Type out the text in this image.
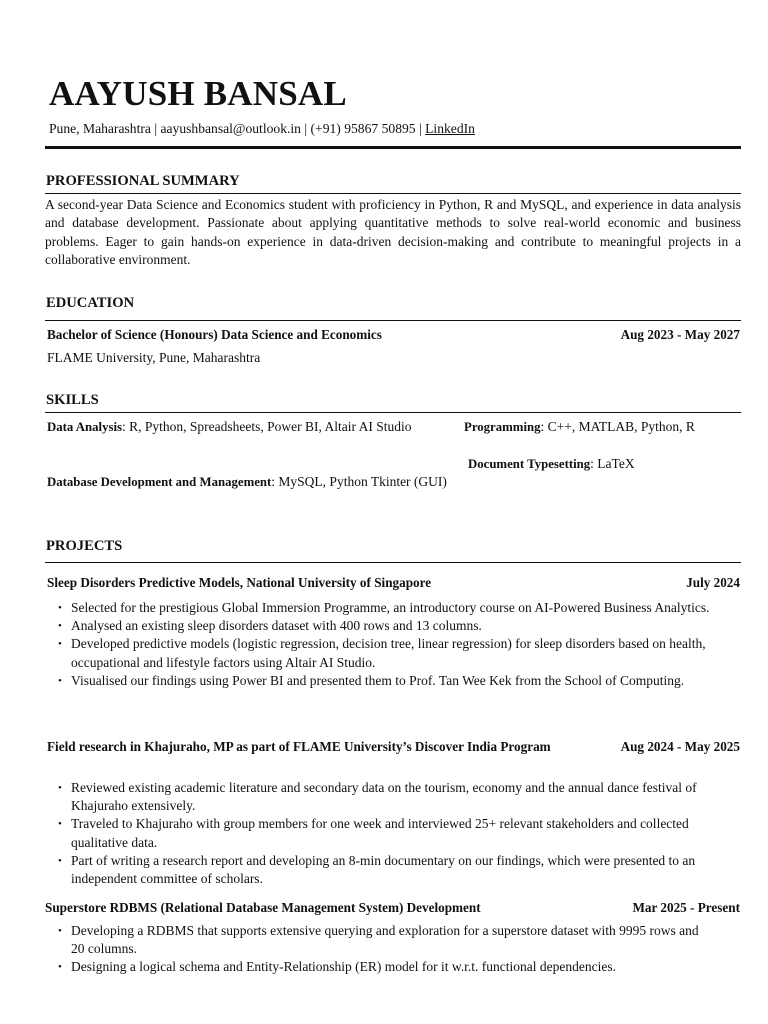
AAYUSH BANSAL
Pune, Maharashtra | aayushbansal@outlook.in | (+91) 95867 50895 | LinkedIn
PROFESSIONAL SUMMARY

A second-year Data Science and Economics student with proficiency in Python, R and MySQL, and experience in data analysis and database development. Passionate about applying quantitative methods to solve real-world economic and business problems. Eager to gain hands-on experience in data-driven decision-making and contribute to meaningful projects in a collaborative environment.

EDUCATION
Bachelor of Science (Honours) Data Science and Economics	Aug 2023 - May 2027

FLAME University, Pune, Maharashtra

SKILLS

Data Analysis: R, Python, Spreadsheets, Power BI, Altair AI Studio	Programming: C++, MATLAB, Python, R

Document Typesetting: LaTeX

Database Development and Management: MySQL, Python Tkinter (GUI)

PROJECTS
Sleep Disorders Predictive Models, National University of Singapore	July 2024
• Selected for the prestigious Global Immersion Programme, an introductory course on AI-Powered Business Analytics.
• Analysed an existing sleep disorders dataset with 400 rows and 13 columns.
• Developed predictive models (logistic regression, decision tree, linear regression) for sleep disorders based on health, occupational and lifestyle factors using Altair AI Studio.
• Visualised our findings using Power BI and presented them to Prof. Tan Wee Kek from the School of Computing.
Field research in Khajuraho, MP as part of FLAME University’s Discover India Program	Aug 2024 - May 2025
• Reviewed existing academic literature and secondary data on the tourism, economy and the annual dance festival of Khajuraho extensively.
• Traveled to Khajuraho with group members for one week and interviewed 25+ relevant stakeholders and collected qualitative data.
• Part of writing a research report and developing an 8-min documentary on our findings, which were presented to an independent committee of scholars.
Superstore RDBMS (Relational Database Management System) Development	Mar 2025 - Present
• Developing a RDBMS that supports extensive querying and exploration for a superstore dataset with 9995 rows and 20 columns.
• Designing a logical schema and Entity-Relationship (ER) model for it w.r.t. functional dependencies.
